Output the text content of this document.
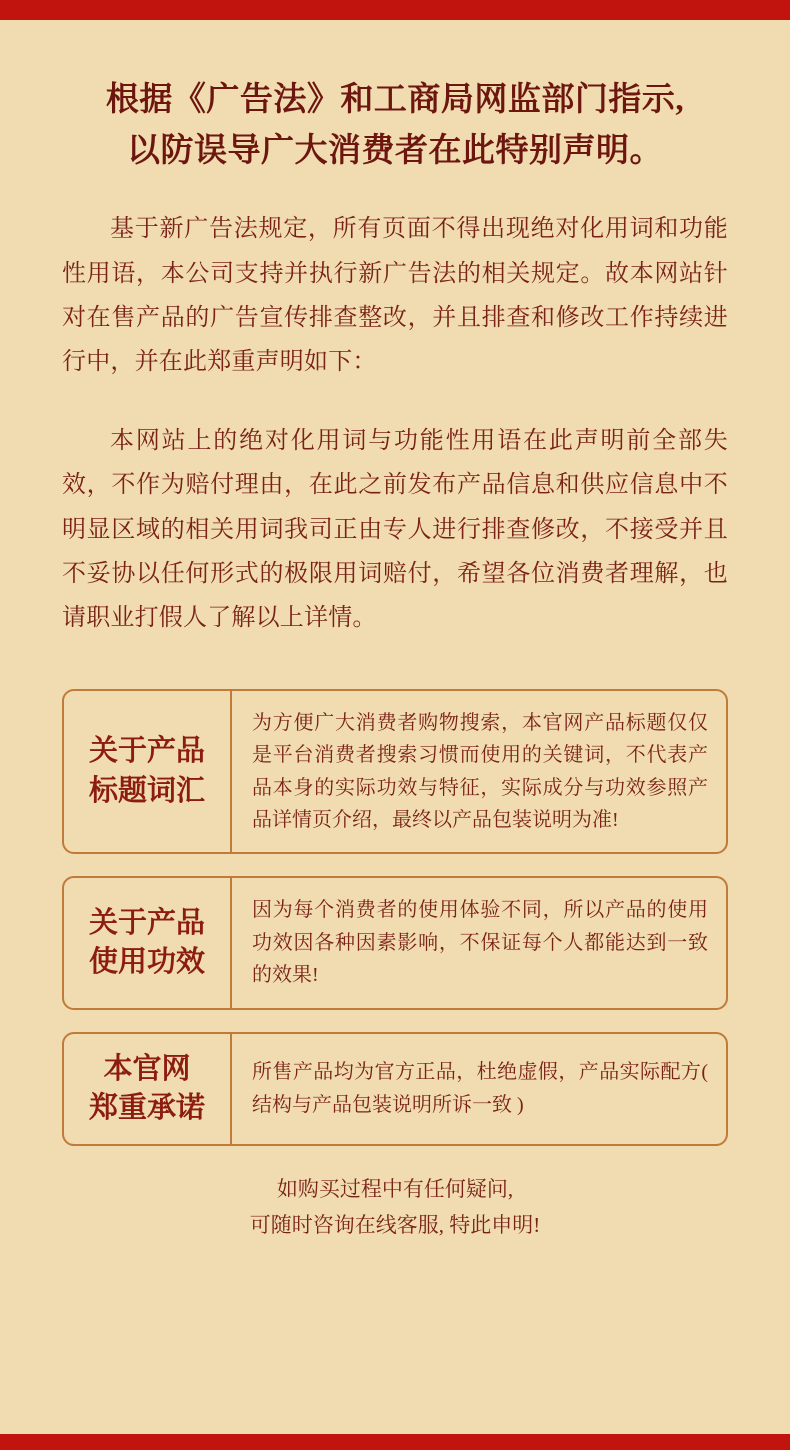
根据《广告法》和工商局网监部门指示,
以防误导广大消费者在此特别声明。

基于新广告法规定，所有页面不得出现绝对化用词和功能性用语，本公司支持并执行新广告法的相关规定。故本网站针对在售产品的广告宣传排查整改，并且排查和修改工作持续进行中，并在此郑重声明如下：

本网站上的绝对化用词与功能性用语在此声明前全部失效，不作为赔付理由，在此之前发布产品信息和供应信息中不明显区域的相关用词我司正由专人进行排查修改，不接受并且不妥协以任何形式的极限用词赔付，希望各位消费者理解，也请职业打假人了解以上详情。

关于产品
标题词汇
为方便广大消费者购物搜索，本官网产品标题仅仅是平台消费者搜索习惯而使用的关键词，不代表产品本身的实际功效与特征，实际成分与功效参照产品详情页介绍，最终以产品包装说明为准!
关于产品
使用功效
因为每个消费者的使用体验不同，所以产品的使用功效因各种因素影响，不保证每个人都能达到一致的效果!
本官网
郑重承诺
所售产品均为官方正品，杜绝虚假，产品实际配方( 结构与产品包装说明所诉一致 )
如购买过程中有任何疑问,
可随时咨询在线客服, 特此申明!
